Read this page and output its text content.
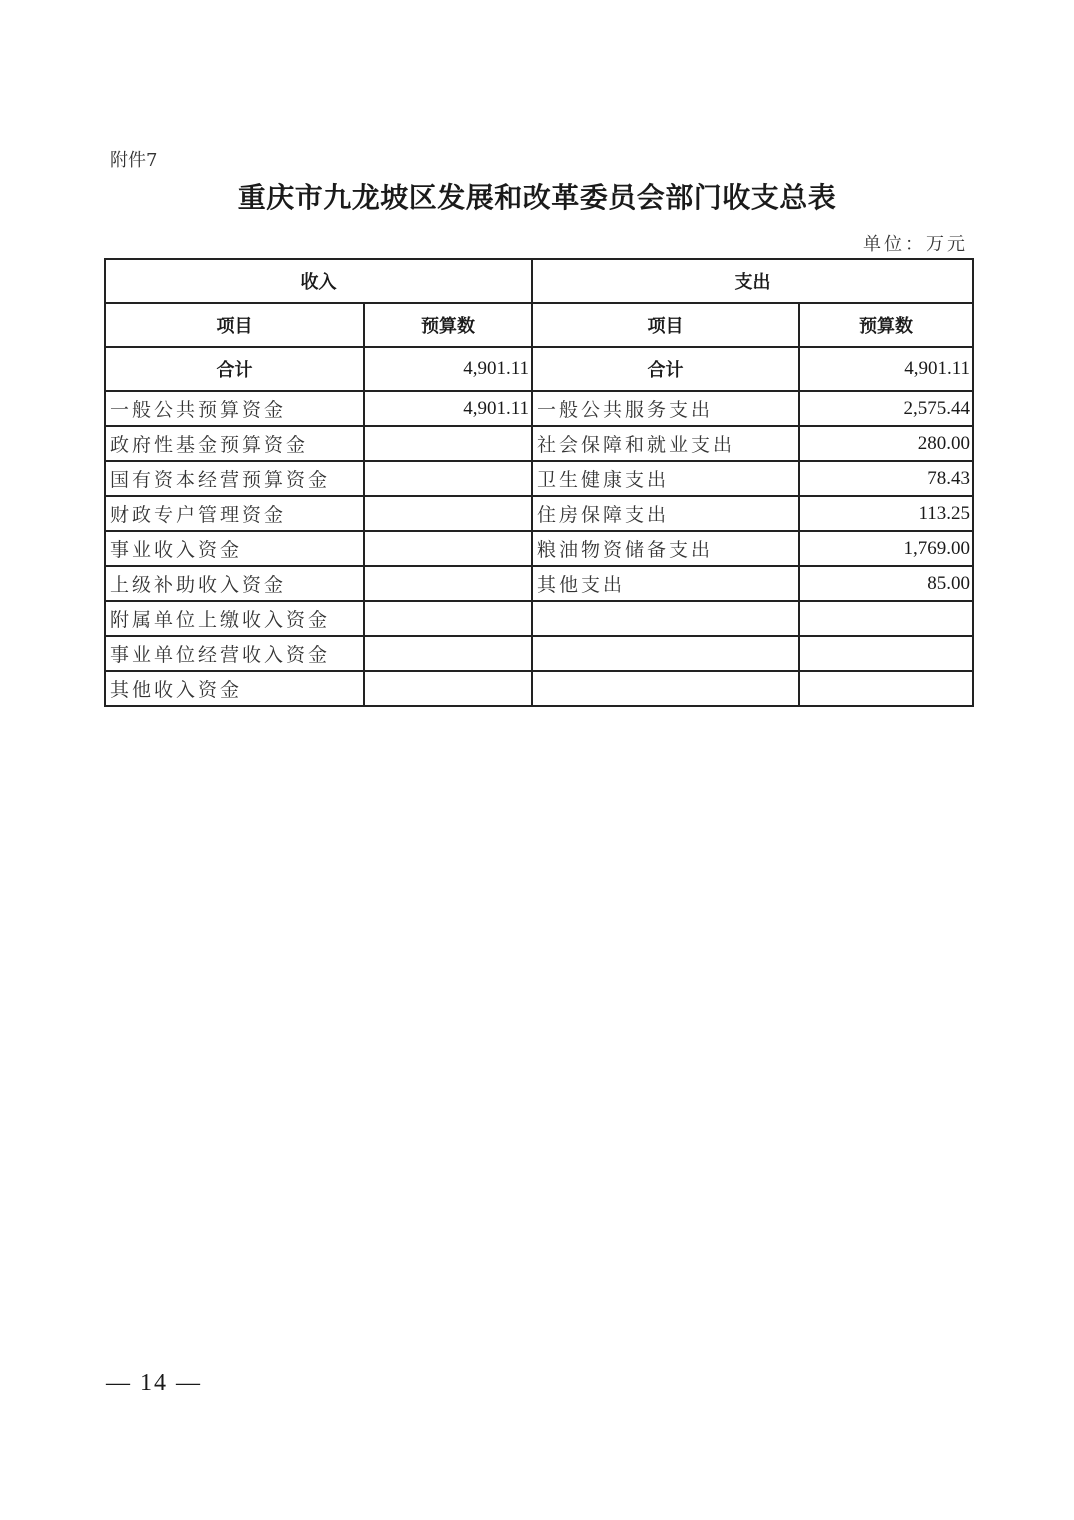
附件7
重庆市九龙坡区发展和改革委员会部门收支总表
单位：万元
收入		支出	
项目	预算数	项目	预算数
合计	4,901.11	合计	4,901.11
一般公共预算资金	4,901.11	一般公共服务支出	2,575.44
政府性基金预算资金		社会保障和就业支出	280.00
国有资本经营预算资金		卫生健康支出	78.43
财政专户管理资金		住房保障支出	113.25
事业收入资金		粮油物资储备支出	1,769.00
上级补助收入资金		其他支出	85.00
附属单位上缴收入资金			
事业单位经营收入资金			
其他收入资金			
— 14 —
